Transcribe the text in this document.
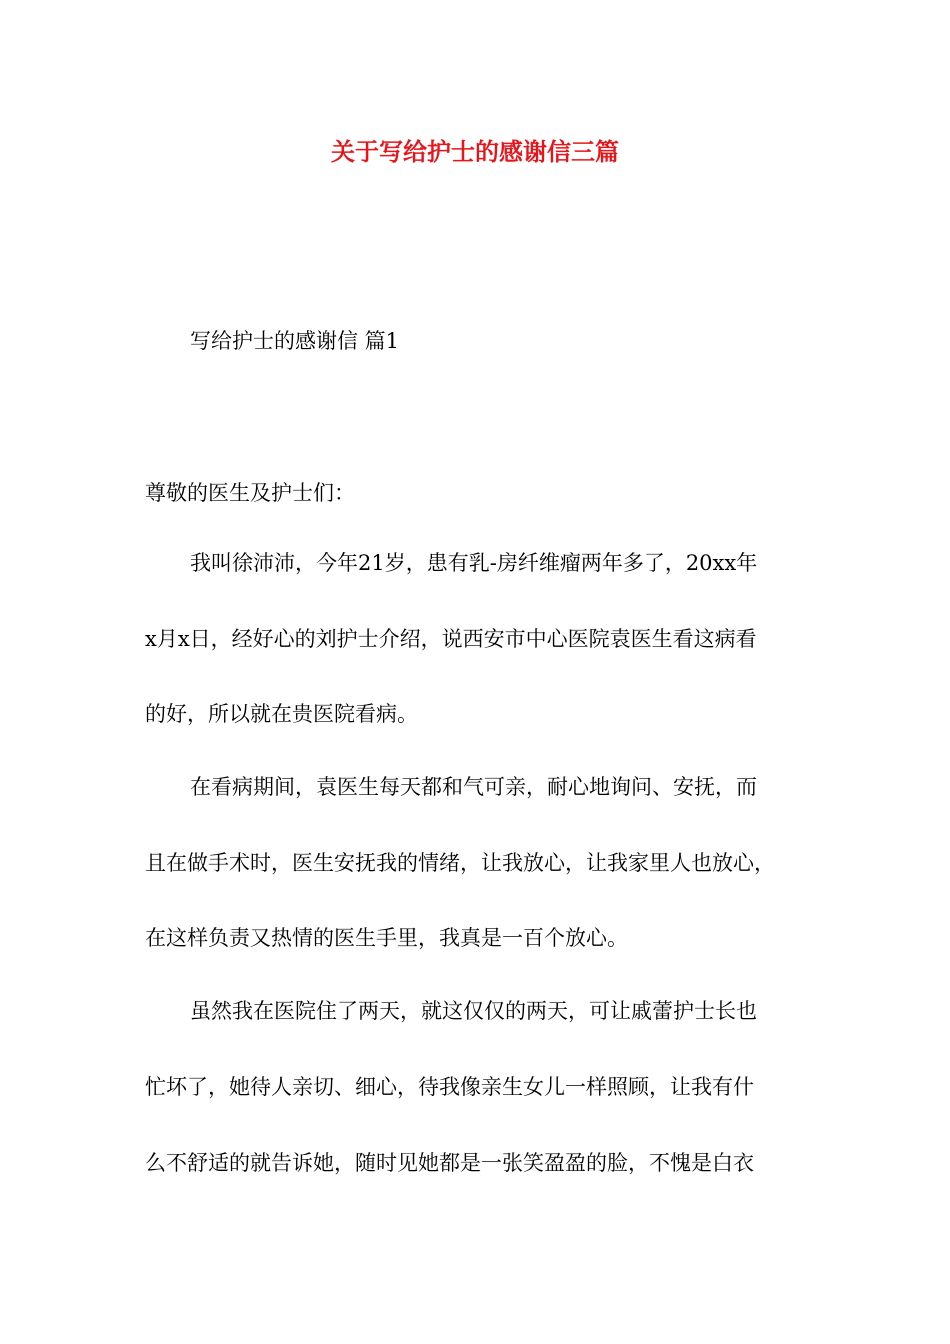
关于写给护士的感谢信三篇

写给护士的感谢信 篇1

尊敬的医生及护士们：

我叫徐沛沛，今年21岁，患有乳-房纤维瘤两年多了，20xx年

x月x日，经好心的刘护士介绍，说西安市中心医院袁医生看这病看

的好，所以就在贵医院看病。

在看病期间，袁医生每天都和气可亲，耐心地询问、安抚，而

且在做手术时，医生安抚我的情绪，让我放心，让我家里人也放心，

在这样负责又热情的医生手里，我真是一百个放心。

虽然我在医院住了两天，就这仅仅的两天，可让戚蕾护士长也

忙坏了，她待人亲切、细心，待我像亲生女儿一样照顾，让我有什

么不舒适的就告诉她，随时见她都是一张笑盈盈的脸，不愧是白衣
